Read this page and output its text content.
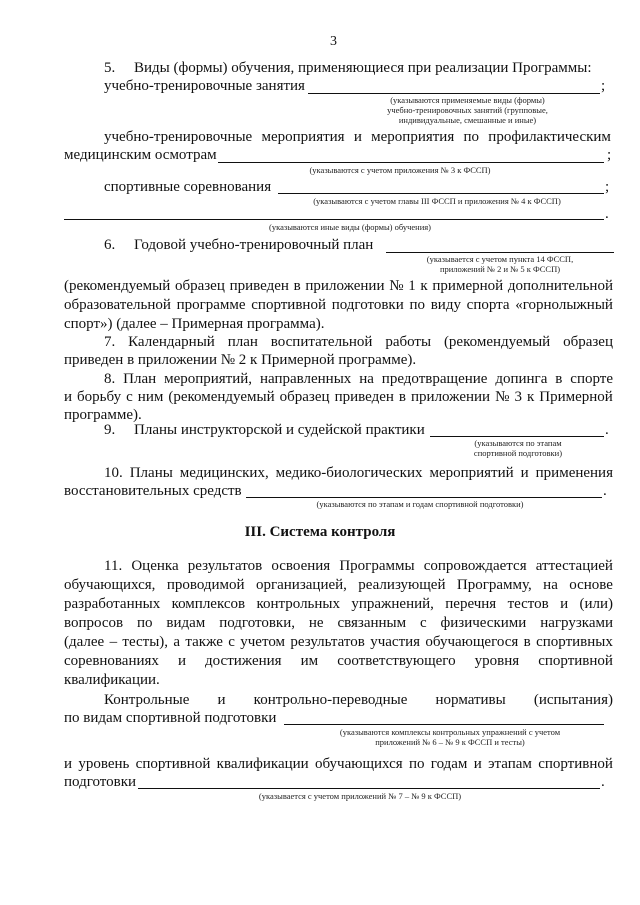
3
5.     Виды (формы) обучения, применяющиеся при реализации Программы:
учебно-тренировочные занятия	;
(указываются применяемые виды (формы)
учебно-тренировочных занятий (групповые,
индивидуальные, смешанные и иные)
учебно-тренировочные мероприятия и мероприятия по профилактическим
медицинским осмотрам	;
(указываются с учетом приложения № 3 к ФССП)
спортивные соревнования	;
(указываются с учетом главы III ФССП и приложения № 4 к ФССП)
.
(указываются иные виды (формы) обучения)
6.     Годовой учебно-тренировочный план
(указывается с учетом пункта 14 ФССП,
приложений № 2 и № 5 к ФССП)
(рекомендуемый образец приведен в приложении № 1 к примерной дополнительной
образовательной программе спортивной подготовки по виду спорта «горнолыжный
спорт») (далее – Примерная программа).
7. Календарный план воспитательной работы (рекомендуемый образец
приведен в приложении № 2 к Примерной программе).
8. План мероприятий, направленных на предотвращение допинга в спорте
и борьбу с ним (рекомендуемый образец приведен в приложении № 3 к Примерной
программе).
9.     Планы инструкторской и судейской практики	.
(указываются по этапам
спортивной подготовки)
10. Планы медицинских, медико-биологических мероприятий и применения
восстановительных средств	.
(указываются по этапам и годам спортивной подготовки)
III. Система контроля
11. Оценка результатов освоения Программы сопровождается аттестацией
обучающихся, проводимой организацией, реализующей Программу, на основе
разработанных комплексов контрольных упражнений, перечня тестов и (или)
вопросов по видам подготовки, не связанным с физическими нагрузками
(далее – тесты), а также с учетом результатов участия обучающегося в спортивных
соревнованиях и достижения им соответствующего уровня спортивной
квалификации.
Контрольные и контрольно-переводные нормативы (испытания)
по видам спортивной подготовки
(указываются комплексы контрольных упражнений с учетом
приложений № 6 – № 9 к ФССП и тесты)
и уровень спортивной квалификации обучающихся по годам и этапам спортивной
подготовки	.
(указывается с учетом приложений № 7 – № 9 к ФССП)
